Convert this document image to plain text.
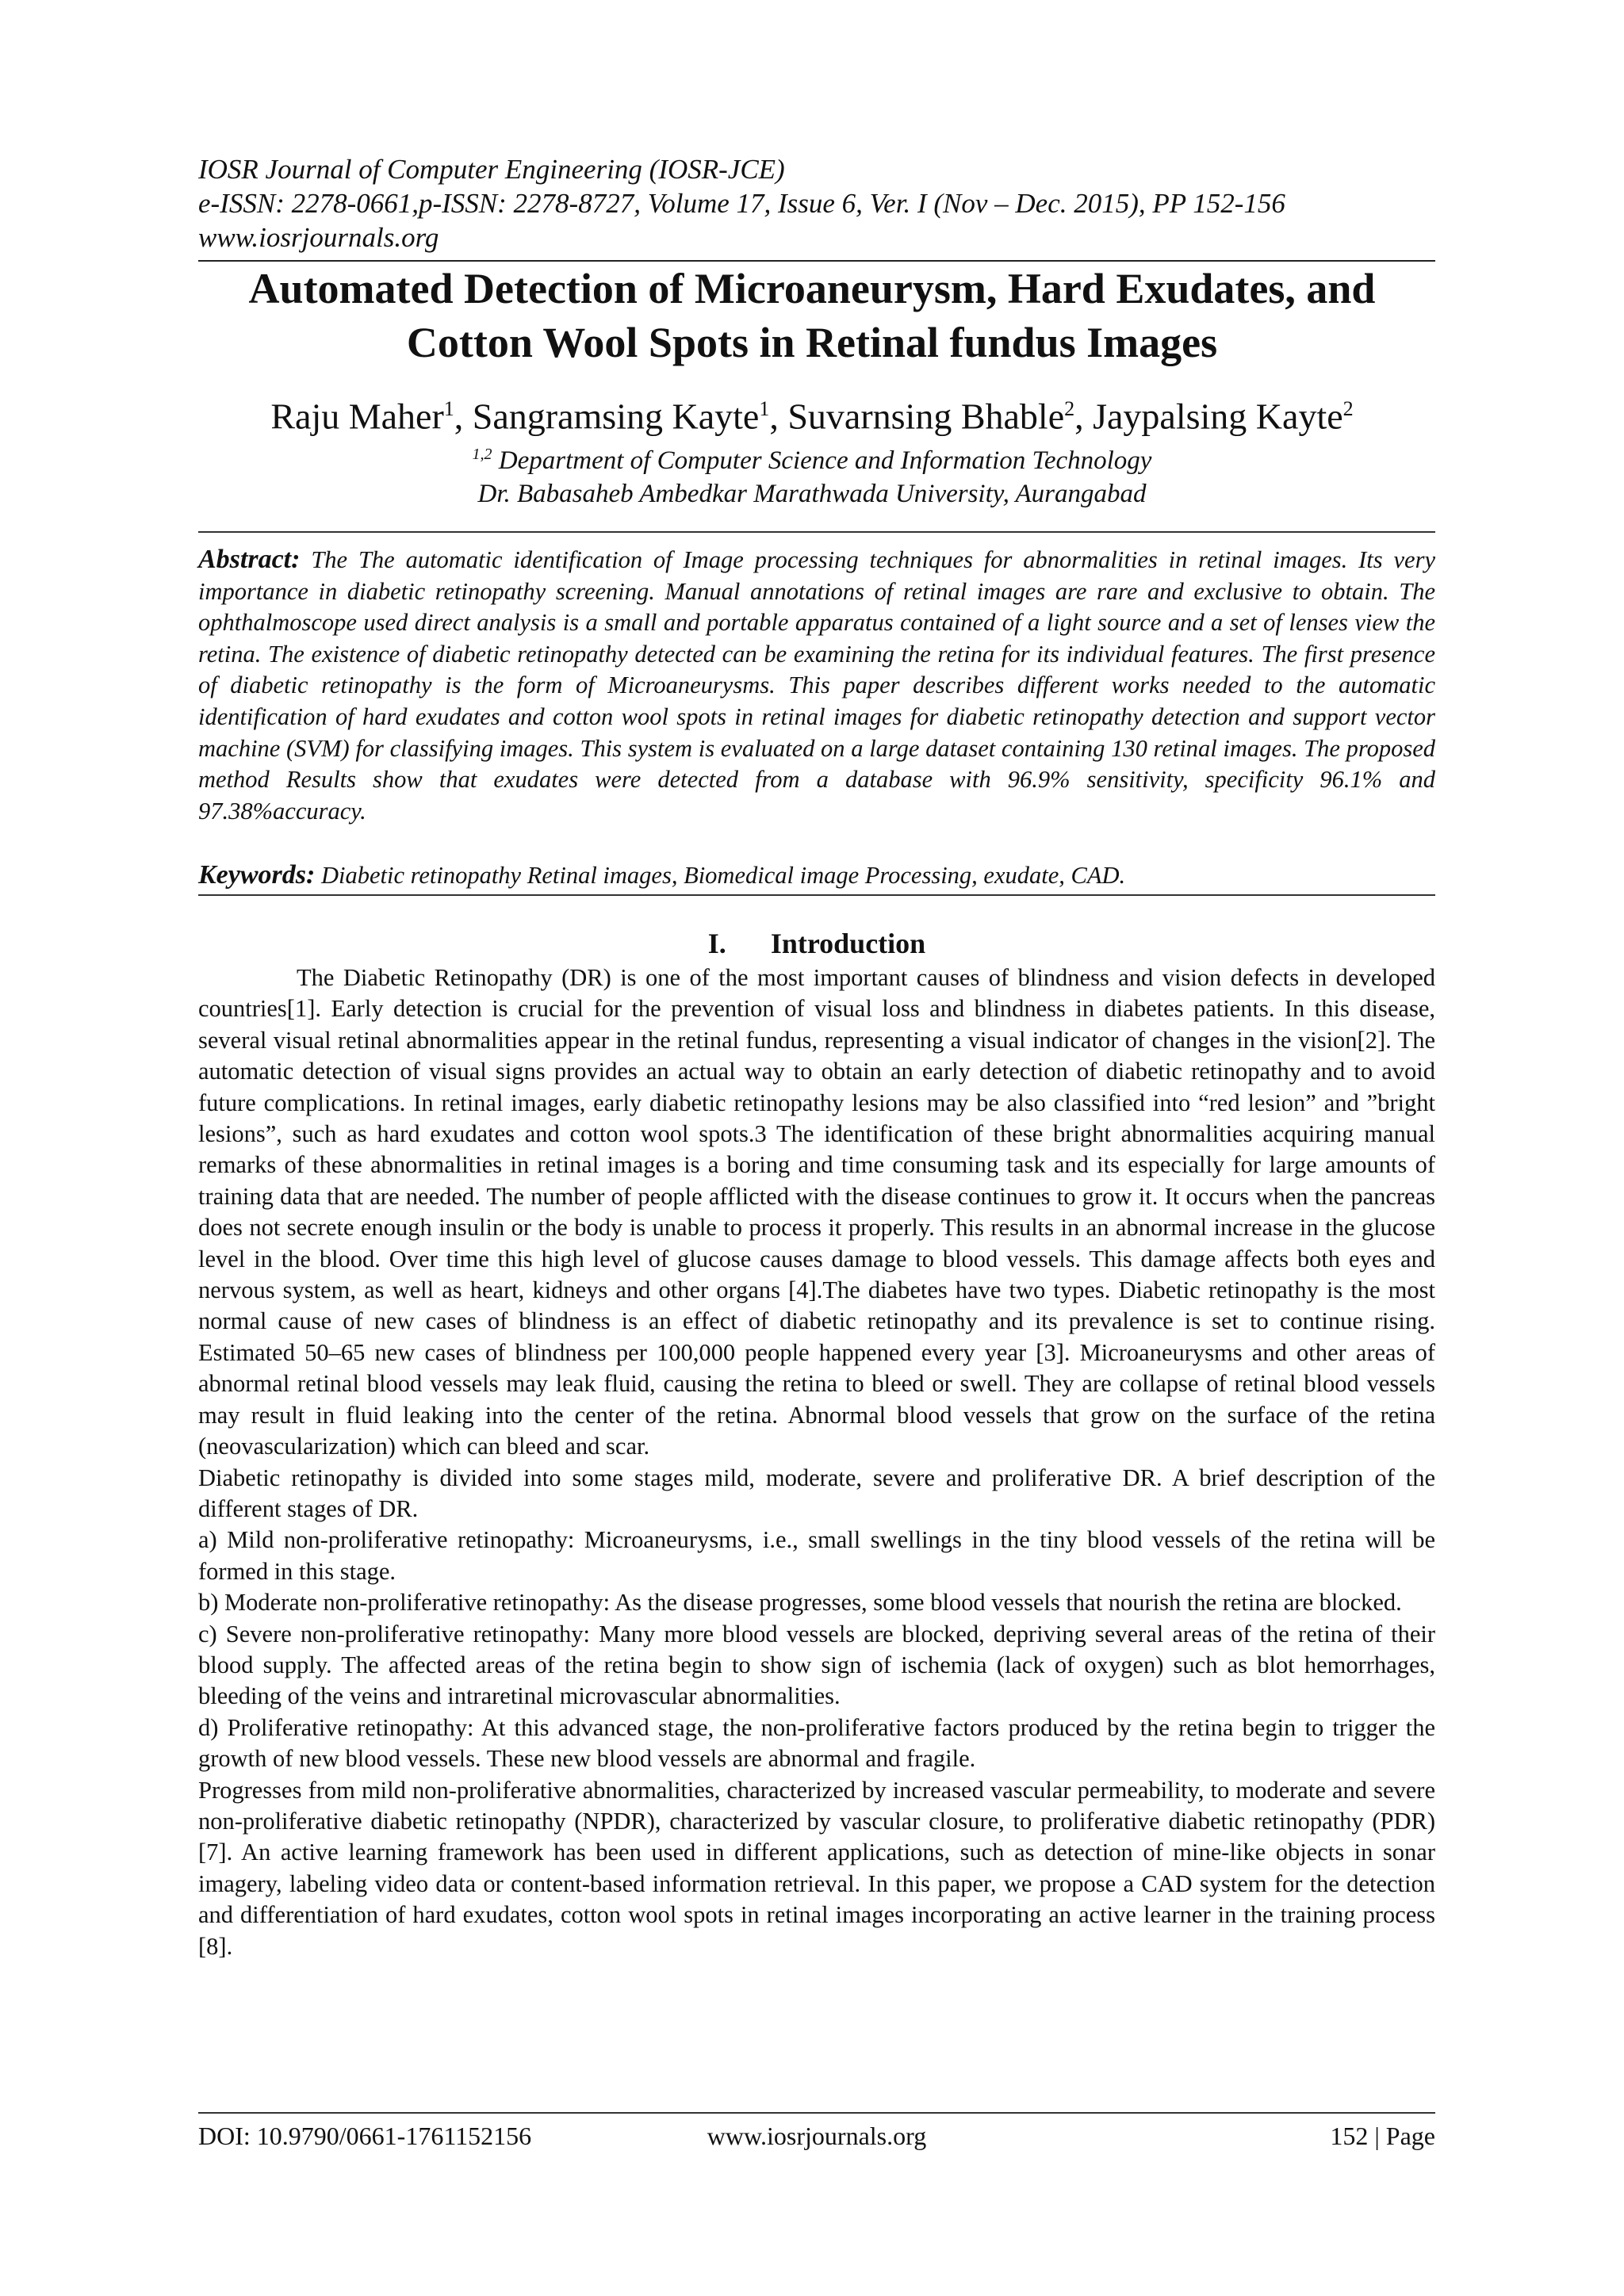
IOSR Journal of Computer Engineering (IOSR-JCE)
e-ISSN: 2278-0661,p-ISSN: 2278-8727, Volume 17, Issue 6, Ver. I (Nov – Dec. 2015), PP 152-156
www.iosrjournals.org
Automated Detection of Microaneurysm, Hard Exudates, and
Cotton Wool Spots in Retinal fundus Images
Raju Maher$^1$, Sangramsing Kayte$^1$, Suvarnsing Bhable$^2$, Jaypalsing Kayte$^2$
$^{1,2}$ Department of Computer Science and Information Technology
Dr. Babasaheb Ambedkar Marathwada University, Aurangabad
Abstract: The The automatic identification of Image processing techniques for abnormalities in retinal images. Its very importance in diabetic retinopathy screening. Manual annotations of retinal images are rare and exclusive to obtain. The ophthalmoscope used direct analysis is a small and portable apparatus contained of a light source and a set of lenses view the retina. The existence of diabetic retinopathy detected can be examining the retina for its individual features. The first presence of diabetic retinopathy is the form of Microaneurysms. This paper describes different works needed to the automatic identification of hard exudates and cotton wool spots in retinal images for diabetic retinopathy detection and support vector machine (SVM) for classifying images. This system is evaluated on a large dataset containing 130 retinal images. The proposed method Results show that exudates were detected from a database with 96.9% sensitivity, specificity 96.1% and 97.38%accuracy.
Keywords: Diabetic retinopathy Retinal images, Biomedical image Processing, exudate, CAD.
I. Introduction

The Diabetic Retinopathy (DR) is one of the most important causes of blindness and vision defects in developed countries[1]. Early detection is crucial for the prevention of visual loss and blindness in diabetes patients. In this disease, several visual retinal abnormalities appear in the retinal fundus, representing a visual indicator of changes in the vision[2]. The automatic detection of visual signs provides an actual way to obtain an early detection of diabetic retinopathy and to avoid future complications. In retinal images, early diabetic retinopathy lesions may be also classified into “red lesion” and ”bright lesions”, such as hard exudates and cotton wool spots.3 The identification of these bright abnormalities acquiring manual remarks of these abnormalities in retinal images is a boring and time consuming task and its especially for large amounts of training data that are needed. The number of people afflicted with the disease continues to grow it. It occurs when the pancreas does not secrete enough insulin or the body is unable to process it properly. This results in an abnormal increase in the glucose level in the blood. Over time this high level of glucose causes damage to blood vessels. This damage affects both eyes and nervous system, as well as heart, kidneys and other organs [4].The diabetes have two types. Diabetic retinopathy is the most normal cause of new cases of blindness is an effect of diabetic retinopathy and its prevalence is set to continue rising. Estimated 50–65 new cases of blindness per 100,000 people happened every year [3]. Microaneurysms and other areas of abnormal retinal blood vessels may leak fluid, causing the retina to bleed or swell. They are collapse of retinal blood vessels may result in fluid leaking into the center of the retina. Abnormal blood vessels that grow on the surface of the retina (neovascularization) which can bleed and scar.

Diabetic retinopathy is divided into some stages mild, moderate, severe and proliferative DR. A brief description of the different stages of DR.

a) Mild non-proliferative retinopathy: Microaneurysms, i.e., small swellings in the tiny blood vessels of the retina will be formed in this stage.

b) Moderate non-proliferative retinopathy: As the disease progresses, some blood vessels that nourish the retina are blocked.

c) Severe non-proliferative retinopathy: Many more blood vessels are blocked, depriving several areas of the retina of their blood supply. The affected areas of the retina begin to show sign of ischemia (lack of oxygen) such as blot hemorrhages, bleeding of the veins and intraretinal microvascular abnormalities.

d) Proliferative retinopathy: At this advanced stage, the non-proliferative factors produced by the retina begin to trigger the growth of new blood vessels. These new blood vessels are abnormal and fragile.

Progresses from mild non-proliferative abnormalities, characterized by increased vascular permeability, to moderate and severe non-proliferative diabetic retinopathy (NPDR), characterized by vascular closure, to proliferative diabetic retinopathy (PDR) [7]. An active learning framework has been used in different applications, such as detection of mine-like objects in sonar imagery, labeling video data or content-based information retrieval. In this paper, we propose a CAD system for the detection and differentiation of hard exudates, cotton wool spots in retinal images incorporating an active learner in the training process [8].

www.iosrjournals.org
DOI: 10.9790/0661-1761152156	152 | Page
